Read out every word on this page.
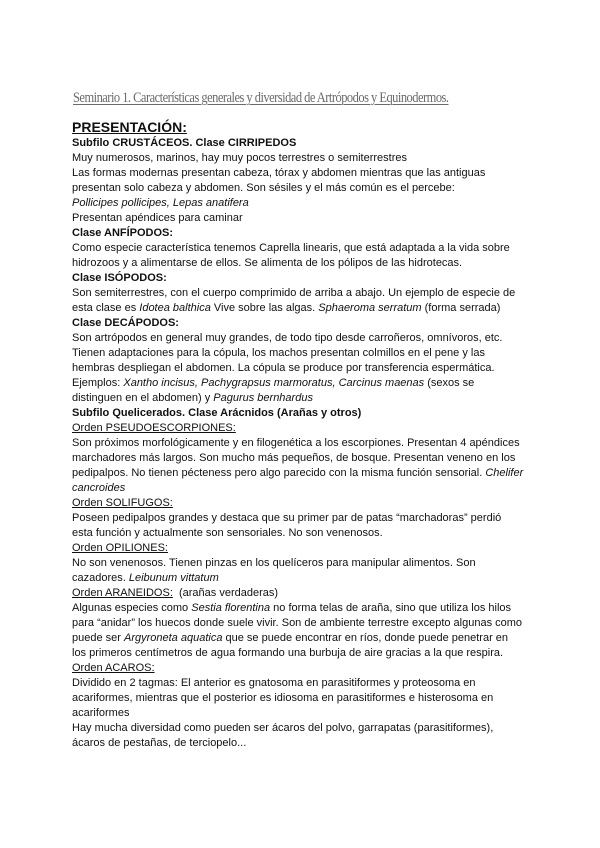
Seminario 1. Características generales y diversidad de Artrópodos y Equinodermos.

PRESENTACIÓN:

Subfilo CRUSTÁCEOS. Clase CIRRIPEDOS

Muy numerosos, marinos, hay muy pocos terrestres o semiterrestres

Las formas modernas presentan cabeza, tórax y abdomen mientras que las antiguas

presentan solo cabeza y abdomen. Son sésiles y el más común es el percebe:

Pollicipes pollicipes, Lepas anatifera

Presentan apéndices para caminar

Clase ANFÍPODOS:

Como especie característica tenemos Caprella linearis, que está adaptada a la vida sobre

hidrozoos y a alimentarse de ellos. Se alimenta de los pólipos de las hidrotecas.

Clase ISÓPODOS:

Son semiterrestres, con el cuerpo comprimido de arriba a abajo. Un ejemplo de especie de

esta clase es Idotea balthica Vive sobre las algas. Sphaeroma serratum (forma serrada)

Clase DECÁPODOS:

Son artrópodos en general muy grandes, de todo tipo desde carroñeros, omnívoros, etc.

Tienen adaptaciones para la cópula, los machos presentan colmillos en el pene y las

hembras despliegan el abdomen. La cópula se produce por transferencia espermática.

Ejemplos: Xantho incisus, Pachygrapsus marmoratus, Carcinus maenas (sexos se

distinguen en el abdomen) y Pagurus bernhardus

Subfilo Quelicerados. Clase Arácnidos (Arañas y otros)

Orden PSEUDOESCORPIONES:

Son próximos morfológicamente y en filogenética a los escorpiones. Presentan 4 apéndices

marchadores más largos. Son mucho más pequeños, de bosque. Presentan veneno en los

pedipalpos. No tienen pécteness pero algo parecido con la misma función sensorial. Chelifer

cancroides

Orden SOLIFUGOS:

Poseen pedipalpos grandes y destaca que su primer par de patas “marchadoras” perdió

esta función y actualmente son sensoriales. No son venenosos.

Orden OPILIONES:

No son venenosos. Tienen pinzas en los quelíceros para manipular alimentos. Son

cazadores. Leibunum vittatum

Orden ARANEIDOS:  (arañas verdaderas)

Algunas especies como Sestia florentina no forma telas de araña, sino que utiliza los hilos

para “anidar” los huecos donde suele vivir. Son de ambiente terrestre excepto algunas como

puede ser Argyroneta aquatica que se puede encontrar en ríos, donde puede penetrar en

los primeros centímetros de agua formando una burbuja de aire gracias a la que respira.

Orden ACAROS:

Dividido en 2 tagmas: El anterior es gnatosoma en parasitiformes y proteosoma en

acariformes, mientras que el posterior es idiosoma en parasitiformes e histerosoma en

acariformes

Hay mucha diversidad como pueden ser ácaros del polvo, garrapatas (parasitiformes),

ácaros de pestañas, de terciopelo...
